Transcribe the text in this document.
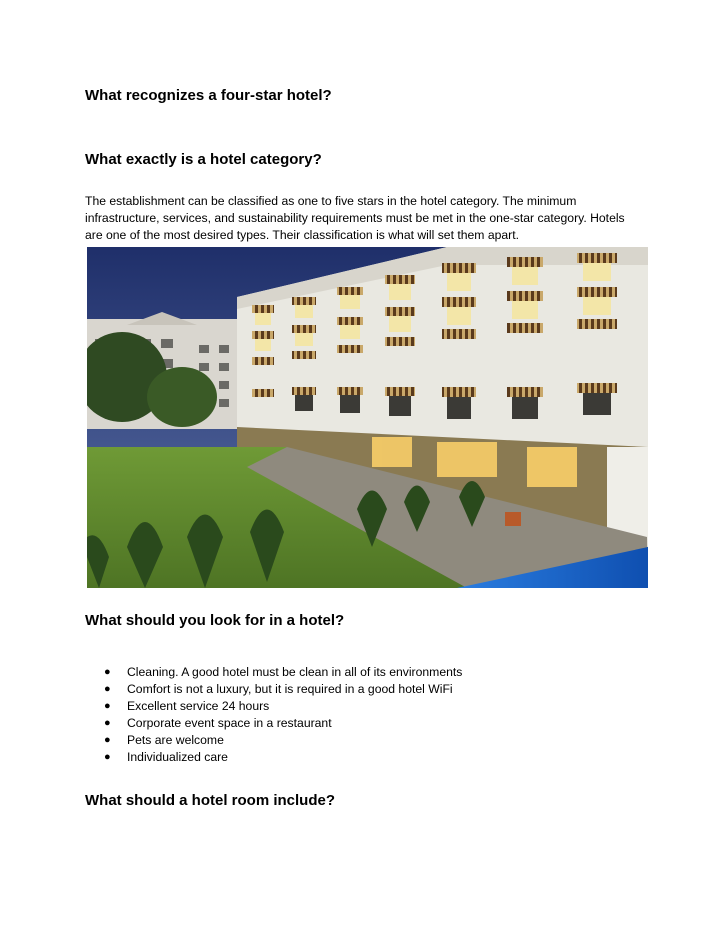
What recognizes a four-star hotel?
What exactly is a hotel category?

The establishment can be classified as one to five stars in the hotel category. The minimum infrastructure, services, and sustainability requirements must be met in the one-star category. Hotels are one of the most desired types. Their classification is what will set them apart.

What should you look for in a hotel?
● Cleaning. A good hotel must be clean in all of its environments
● Comfort is not a luxury, but it is required in a good hotel WiFi
● Excellent service 24 hours
● Corporate event space in a restaurant
● Pets are welcome
● Individualized care
What should a hotel room include?
